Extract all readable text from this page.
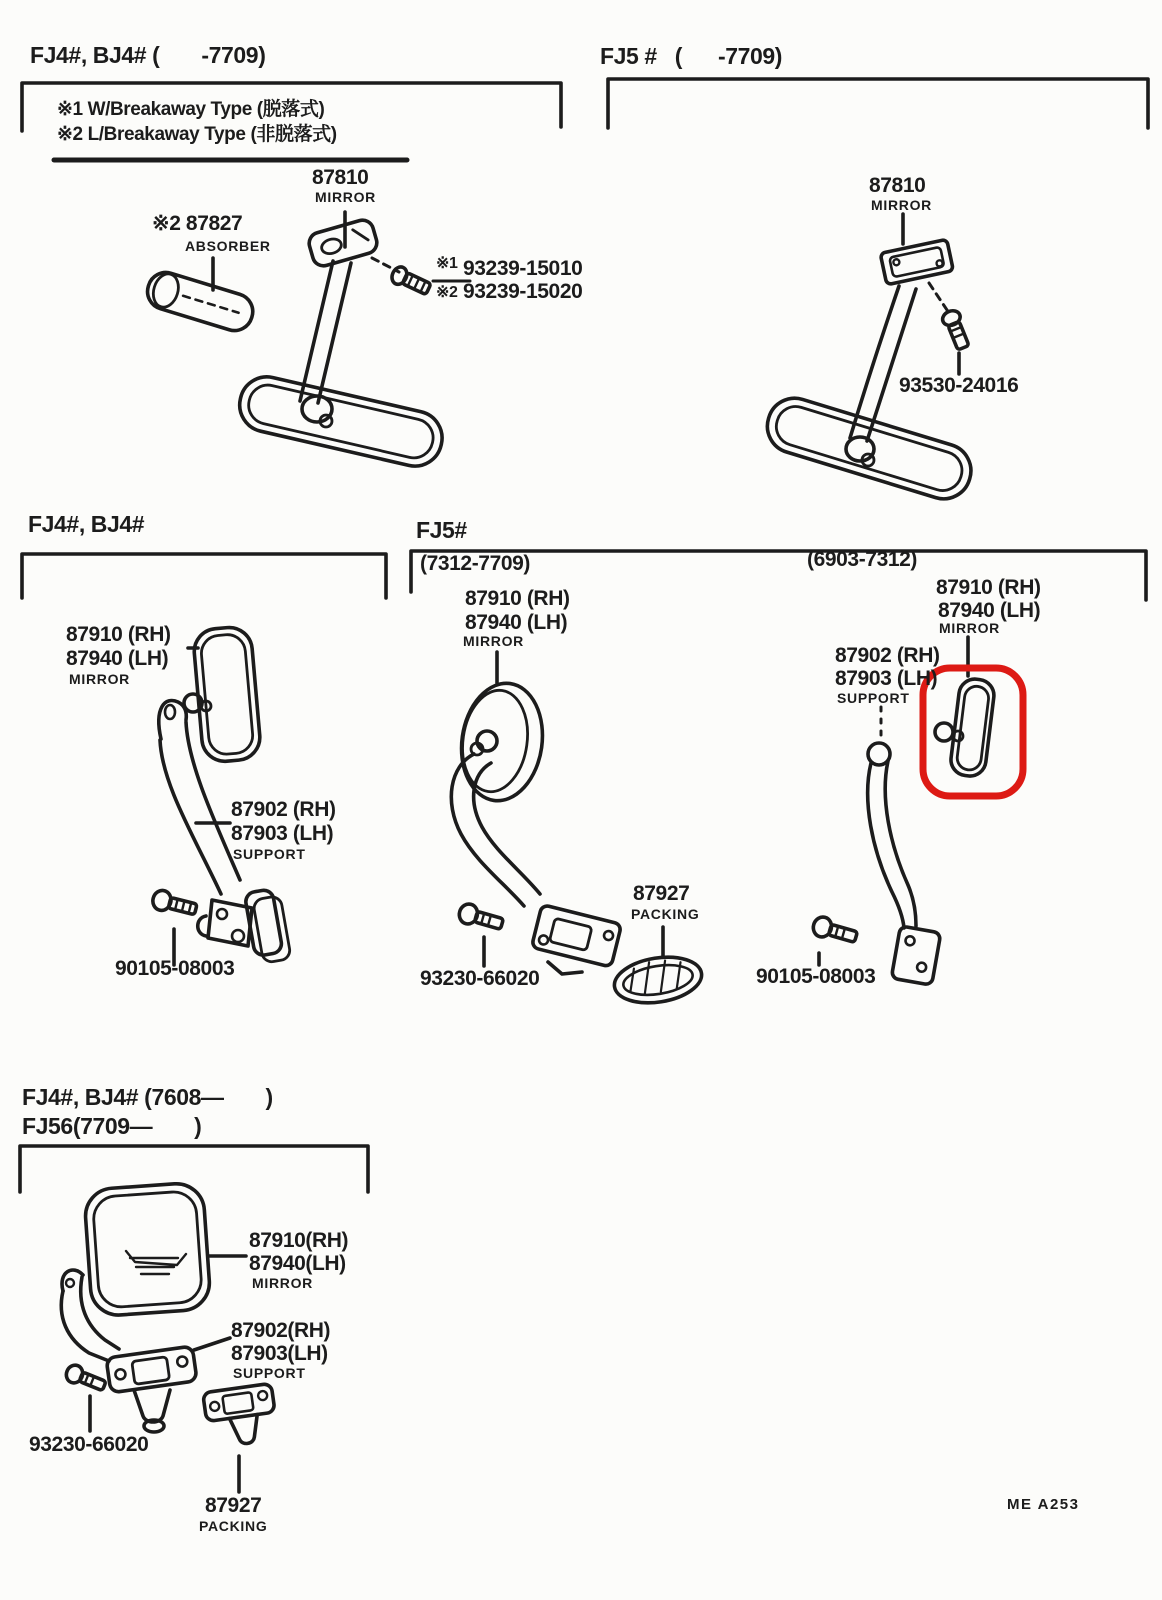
FJ4#, BJ4# (       -7709)
※1 W/Breakaway Type (脱落式)
※2 L/Breakaway Type (非脱落式)
87810
MIRROR
※2 87827
ABSORBER
※1 93239-15010
※2 93239-15020
FJ5 #   (      -7709)
87810
MIRROR
93530-24016
FJ4#, BJ4#
87910 (RH)
87940 (LH)
MIRROR
87902 (RH)
87903 (LH)
SUPPORT
90105-08003
FJ5#
(7312-7709)
87910 (RH)
87940 (LH)
MIRROR
87927
PACKING
93230-66020
(6903-7312)
87910 (RH)
87940 (LH)
MIRROR
87902 (RH)
87903 (LH)
SUPPORT
90105-08003
FJ4#, BJ4# (7608—       )
FJ56(7709—       )
87910(RH)
87940(LH)
MIRROR
87902(RH)
87903(LH)
SUPPORT
93230-66020
87927
PACKING
ME A253
